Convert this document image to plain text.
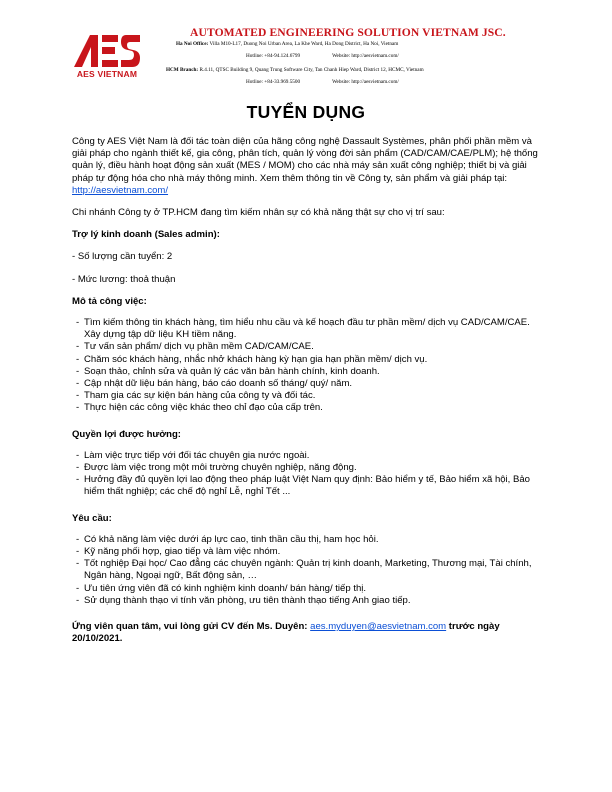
AES VIETNAM
AUTOMATED ENGINEERING SOLUTION VIETNAM JSC.
Ha Noi Office: Villa M10-L17, Duong Noi Urban Area, La Khe Ward, Ha Dong District, Ha Noi, Vietnam
Hotline: +84-94.124.6799	Website: http://aesvietnam.com/
HCM Branch: R.4.11, QTSC Building 9, Quang Trung Software City, Tan Chanh Hiep Ward, District 12, HCMC, Vietnam
Hotline: +84-33.969.5500	Website: http://aesvietnam.com/
TUYỂN DỤNG

Công ty AES Việt Nam là đối tác toàn diện của hãng công nghệ Dassault Systèmes, phân phối phần mềm và giải pháp cho ngành thiết kế, gia công, phân tích, quản lý vòng đời sản phẩm (CAD/CAM/CAE/PLM); hệ thống quản lý, điều hành hoạt động sản xuất (MES / MOM) cho các nhà máy sản xuất công nghiệp; thiết bị và giải pháp tự động hóa cho nhà máy thông minh. Xem thêm thông tin về Công ty, sản phẩm và giải pháp tại: http://aesvietnam.com/

Chi nhánh Công ty ở TP.HCM đang tìm kiếm nhân sự có khả năng thật sự cho vị trí sau:

Trợ lý kinh doanh (Sales admin):
- Số lượng cần tuyển: 2
- Mức lương: thoả thuận
Mô tả công việc:
- Tìm kiếm thông tin khách hàng, tìm hiểu nhu cầu và kế hoạch đầu tư phần mềm/ dịch vụ CAD/CAM/CAE. Xây dựng tập dữ liệu KH tiềm năng.
- Tư vấn sản phẩm/ dịch vụ phần mềm CAD/CAM/CAE.
- Chăm sóc khách hàng, nhắc nhở khách hàng kỳ hạn gia hạn phần mềm/ dịch vụ.
- Soạn thảo, chỉnh sửa và quản lý các văn bản hành chính, kinh doanh.
- Cập nhật dữ liệu bán hàng, báo cáo doanh số tháng/ quý/ năm.
- Tham gia các sự kiện bán hàng của công ty và đối tác.
- Thực hiện các công việc khác theo chỉ đạo của cấp trên.
Quyền lợi được hưởng:
- Làm việc trực tiếp với đối tác chuyên gia nước ngoài.
- Được làm việc trong một môi trường chuyên nghiệp, năng động.
- Hưởng đầy đủ quyền lợi lao động theo pháp luật Việt Nam quy định: Bảo hiểm y tế, Bảo hiểm xã hội, Bảo hiểm thất nghiệp; các chế độ nghỉ Lễ, nghỉ Tết ...
Yêu cầu:
- Có khả năng làm việc dưới áp lực cao, tinh thần cầu thị, ham học hỏi.
- Kỹ năng phối hợp, giao tiếp và làm việc nhóm.
- Tốt nghiệp Đại học/ Cao đẳng các chuyên ngành: Quản trị kinh doanh, Marketing, Thương mại, Tài chính, Ngân hàng, Ngoại ngữ, Bất động sản, …
- Ưu tiên ứng viên đã có kinh nghiệm kinh doanh/ bán hàng/ tiếp thị.
- Sử dụng thành thạo vi tính văn phòng, ưu tiên thành thạo tiếng Anh giao tiếp.

Ứng viên quan tâm, vui lòng gửi CV đến Ms. Duyên: aes.myduyen@aesvietnam.com trước ngày 20/10/2021.
